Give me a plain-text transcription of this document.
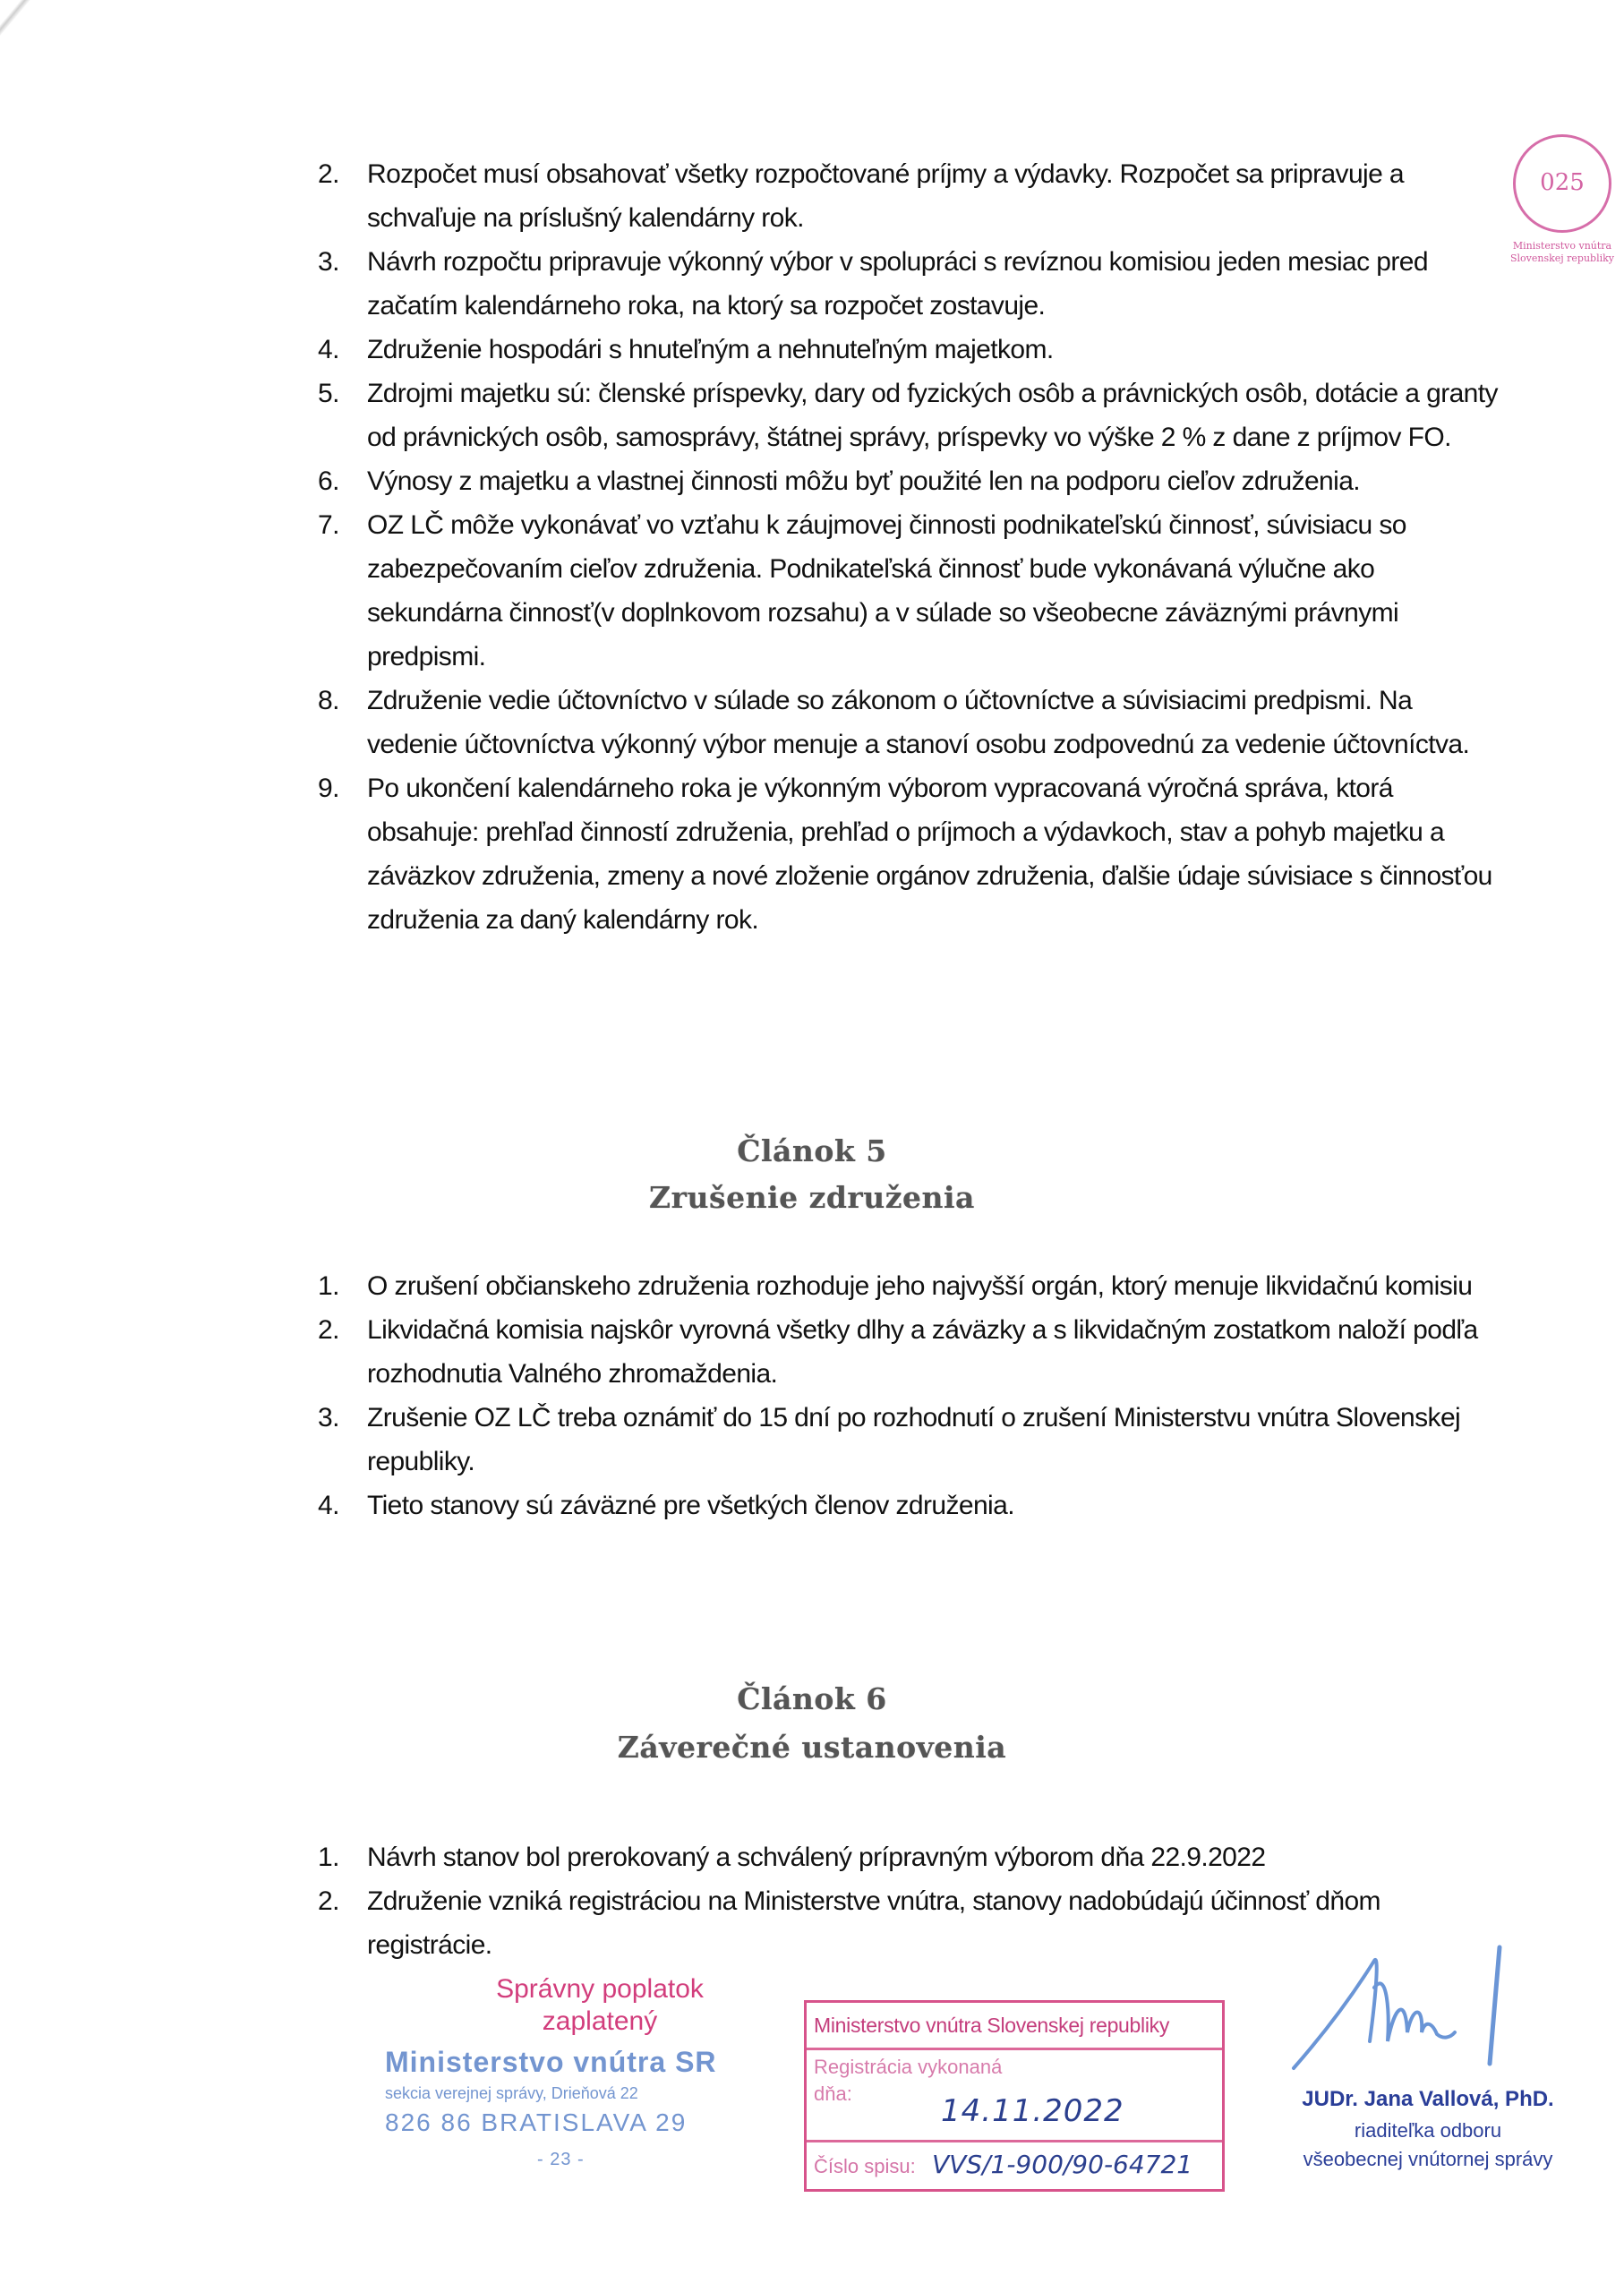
2. Rozpočet musí obsahovať všetky rozpočtované príjmy a výdavky. Rozpočet sa pripravuje a schvaľuje na príslušný kalendárny rok.
3. Návrh rozpočtu pripravuje výkonný výbor v spolupráci s revíznou komisiou jeden mesiac pred začatím kalendárneho roka, na ktorý sa rozpočet zostavuje.
4. Združenie hospodári s hnuteľným a nehnuteľným majetkom.
5. Zdrojmi majetku sú: členské príspevky, dary od fyzických osôb a právnických osôb, dotácie a granty od právnických osôb, samosprávy, štátnej správy, príspevky vo výške 2 % z dane z príjmov FO.
6. Výnosy z majetku a vlastnej činnosti môžu byť použité len na podporu cieľov združenia.
7. OZ LČ môže vykonávať vo vzťahu k záujmovej činnosti podnikateľskú činnosť, súvisiacu so zabezpečovaním cieľov združenia. Podnikateľská činnosť bude vykonávaná výlučne ako sekundárna činnosť(v doplnkovom rozsahu) a v súlade so všeobecne záväznými právnymi predpismi.
8. Združenie vedie účtovníctvo v súlade so zákonom o účtovníctve a súvisiacimi predpismi. Na vedenie účtovníctva výkonný výbor menuje a stanoví osobu zodpovednú za vedenie účtovníctva.
9. Po ukončení kalendárneho roka je výkonným výborom vypracovaná výročná správa, ktorá obsahuje: prehľad činností združenia, prehľad o príjmoch a výdavkoch, stav a pohyb majetku a záväzkov združenia, zmeny a nové zloženie orgánov združenia, ďalšie údaje súvisiace s činnosťou združenia za daný kalendárny rok.
025
Ministerstvo vnútra Slovenskej republiky
Článok 5
Zrušenie združenia
1. O zrušení občianskeho združenia rozhoduje jeho najvyšší orgán, ktorý menuje likvidačnú komisiu
2. Likvidačná komisia najskôr vyrovná všetky dlhy a záväzky a s likvidačným zostatkom naloží podľa rozhodnutia Valného zhromaždenia.
3. Zrušenie OZ LČ treba oznámiť do 15 dní po rozhodnutí o zrušení Ministerstvu vnútra Slovenskej republiky.
4. Tieto stanovy sú záväzné pre všetkých členov združenia.
Článok 6
Záverečné ustanovenia
1. Návrh stanov bol prerokovaný a schválený prípravným výborom dňa 22.9.2022
2. Združenie vzniká registráciou na Ministerstve vnútra, stanovy nadobúdajú účinnosť dňom registrácie.
Správny poplatok
zaplatený
Ministerstvo vnútra SR
sekcia verejnej správy, Drieňová 22
826 86 BRATISLAVA 29
- 23 -
Ministerstvo vnútra Slovenskej republiky
Registrácia vykonaná
dňa:	14.11.2022
Číslo spisu: VVS/1-900/90-64721
JUDr. Jana Vallová, PhD.
riaditeľka odboru
všeobecnej vnútornej správy
